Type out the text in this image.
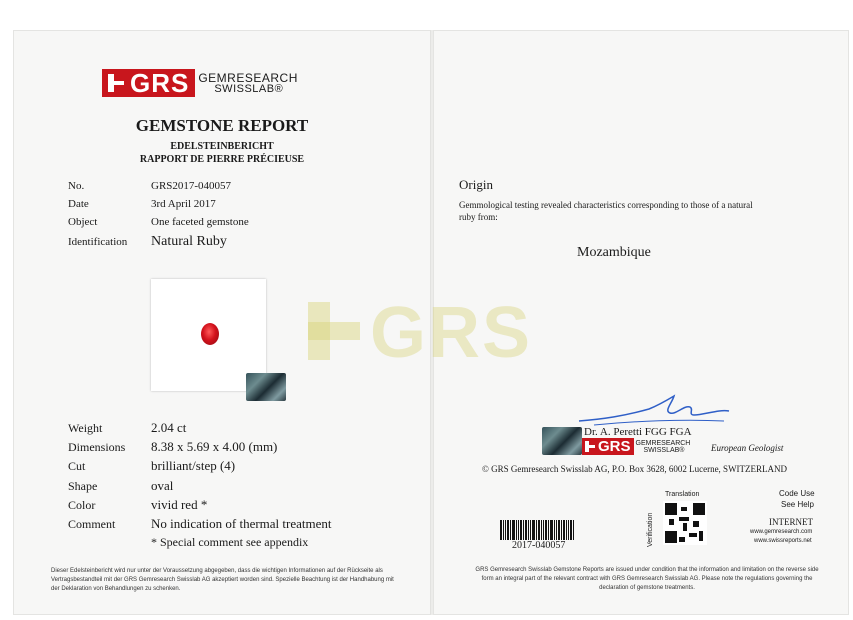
GRS GEMRESEARCH
SWISSLAB®
GEMSTONE REPORT
EDELSTEINBERICHT
RAPPORT DE PIERRE PRÉCIEUSE
No.	GRS2017-040057
Date	3rd April 2017
Object	One faceted gemstone
Identification Natural Ruby
Weight	2.04 ct
Dimensions 8.38 x 5.69 x 4.00 (mm)
Cut	brilliant/step (4)
Shape	oval
Color	vivid red *
Comment	No indication of thermal treatment
* Special comment see appendix
Dieser Edelsteinbericht wird nur unter der Voraussetzung abgegeben, dass die wichtigen Informationen auf der Rückseite als Vertragsbestandteil mit der GRS Gemresearch Swisslab AG akzeptiert worden sind. Spezielle Beachtung ist der Handhabung mit der Deklaration von Behandlungen zu schenken.
Origin
Gemmological testing revealed characteristics corresponding to those of a natural ruby from:
Mozambique
Dr. A. Peretti FGG FGA
GRS GEMRESEARCH
SWISSLAB®	European Geologist
© GRS Gemresearch Swisslab AG, P.O. Box 3628, 6002 Lucerne, SWITZERLAND
2017-040057	Verification
Translation	Code Use
See Help
INTERNET
www.gemresearch.com
www.swissreports.net
GRS Gemresearch Swisslab Gemstone Reports are issued under condition that the information and limitation on the reverse side form an integral part of the relevant contract with GRS Gemresearch Swisslab AG. Please note the regulations governing the declaration of gemstone treatments.
GRS
